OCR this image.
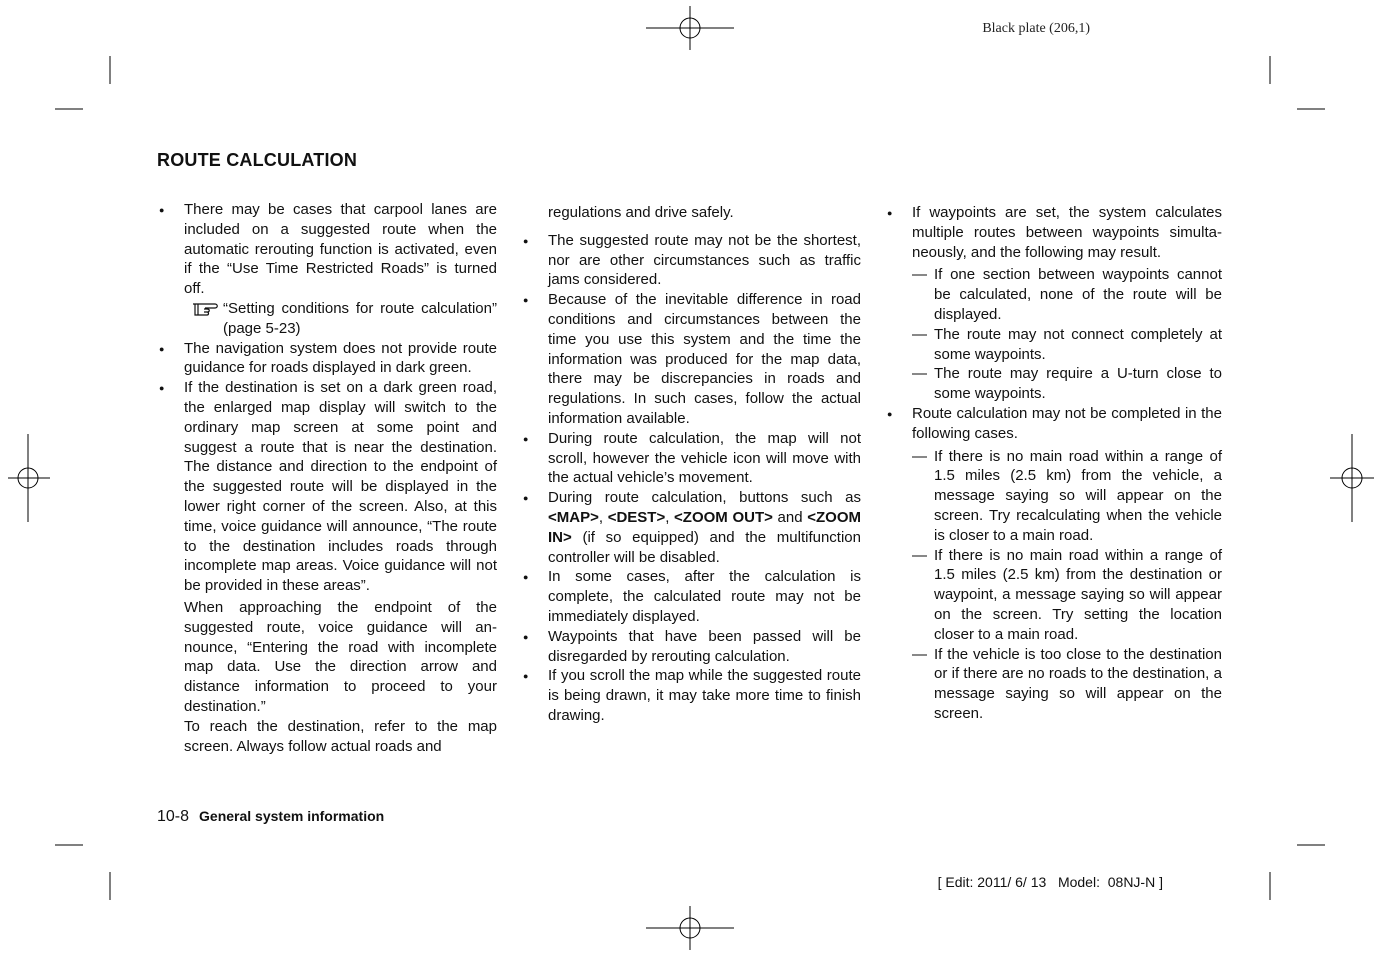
Black plate (206,1)
ROUTE CALCULATION

● There may be cases that carpool lanes are included on a suggested route when the automatic rerouting function is activated, even if the “Use Time Restricted Roads” is turned off.

“Setting conditions for route calculation” (page 5-23)

● The navigation system does not provide route guidance for roads displayed in dark green.

● If the destination is set on a dark green road, the enlarged map display will switch to the ordinary map screen at some point and suggest a route that is near the destination. The distance and direction to the endpoint of the suggested route will be displayed in the lower right corner of the screen. Also, at this time, voice guidance will announce, “The route to the destination includes roads through incomplete map areas. Voice guidance will not be provided in these areas”.

When approaching the endpoint of the suggested route, voice guidance will announce, “Entering the road with incomplete map data. Use the direction arrow and distance information to proceed to your destination.”

To reach the destination, refer to the map screen. Always follow actual roads and

regulations and drive safely.

● The suggested route may not be the shortest, nor are other circumstances such as traffic jams considered.

● Because of the inevitable difference in road conditions and circumstances between the time you use this system and the time the information was produced for the map data, there may be discrepancies in roads and regulations. In such cases, follow the actual information available.

● During route calculation, the map will not scroll, however the vehicle icon will move with the actual vehicle’s movement.

● During route calculation, buttons such as <MAP>, <DEST>, <ZOOM OUT> and <ZOOM IN> (if so equipped) and the multifunction controller will be disabled.

● In some cases, after the calculation is complete, the calculated route may not be immediately displayed.

● Waypoints that have been passed will be disregarded by rerouting calculation.

● If you scroll the map while the suggested route is being drawn, it may take more time to finish drawing.

● If waypoints are set, the system calculates multiple routes between waypoints simultaneously, and the following may result.

— If one section between waypoints cannot be calculated, none of the route will be displayed.

— The route may not connect completely at some waypoints.

— The route may require a U-turn close to some waypoints.

● Route calculation may not be completed in the following cases.

— If there is no main road within a range of 1.5 miles (2.5 km) from the vehicle, a message saying so will appear on the screen. Try recalculating when the vehicle is closer to a main road.

— If there is no main road within a range of 1.5 miles (2.5 km) from the destination or waypoint, a message saying so will appear on the screen. Try setting the location closer to a main road.

— If the vehicle is too close to the destination or if there are no roads to the destination, a message saying so will appear on the screen.

10-8 General system information
[ Edit: 2011/ 6/ 13   Model:  08NJ-N ]
